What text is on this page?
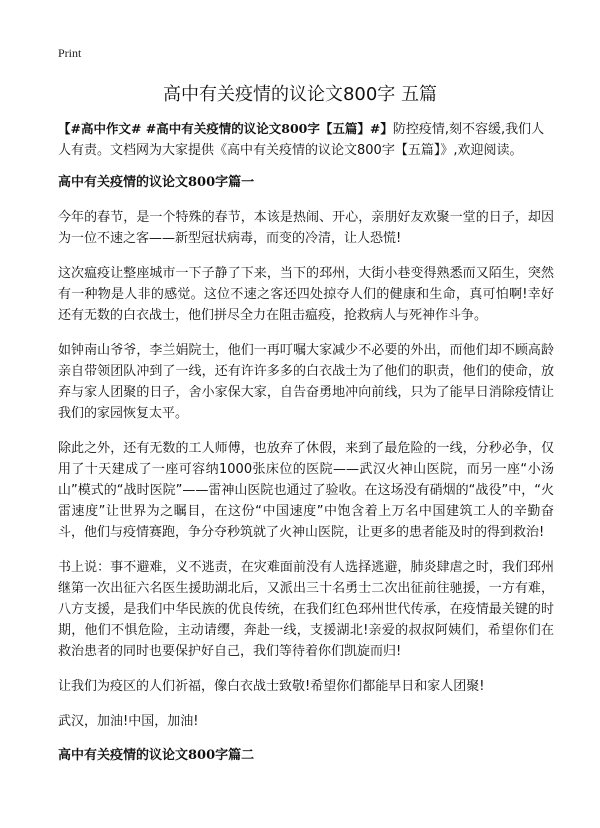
Print
高中有关疫情的议论文800字 五篇

【#高中作文# #高中有关疫情的议论文800字【五篇】#】防控疫情,刻不容缓,我们人人有责。文档网为大家提供《高中有关疫情的议论文800字【五篇】》,欢迎阅读。

高中有关疫情的议论文800字篇一

今年的春节，是一个特殊的春节，本该是热闹、开心，亲朋好友欢聚一堂的日子，却因为一位不速之客——新型冠状病毒，而变的冷清，让人恐慌!

这次瘟疫让整座城市一下子静了下来，当下的邳州，大街小巷变得熟悉而又陌生，突然有一种物是人非的感觉。这位不速之客还四处掠夺人们的健康和生命，真可怕啊!幸好还有无数的白衣战士，他们拼尽全力在阻击瘟疫，抢救病人与死神作斗争。

如钟南山爷爷，李兰娟院士，他们一再叮嘱大家减少不必要的外出，而他们却不顾高龄亲自带领团队冲到了一线，还有许许多多的白衣战士为了他们的职责，他们的使命，放弃与家人团聚的日子，舍小家保大家，自告奋勇地冲向前线，只为了能早日消除疫情让我们的家园恢复太平。

除此之外，还有无数的工人师傅，也放弃了休假，来到了最危险的一线，分秒必争，仅用了十天建成了一座可容纳1000张床位的医院——武汉火神山医院，而另一座“小汤山”模式的“战时医院”——雷神山医院也通过了验收。在这场没有硝烟的“战役”中，“火雷速度”让世界为之瞩目，在这份“中国速度”中饱含着上万名中国建筑工人的辛勤奋斗，他们与疫情赛跑，争分夺秒筑就了火神山医院，让更多的患者能及时的得到救治!

书上说：事不避难，义不逃责，在灾难面前没有人选择逃避，肺炎肆虐之时，我们邳州继第一次出征六名医生援助湖北后，又派出三十名勇士二次出征前往驰援，一方有难，八方支援，是我们中华民族的优良传统，在我们红色邳州世代传承，在疫情最关键的时期，他们不惧危险，主动请缨，奔赴一线，支援湖北!亲爱的叔叔阿姨们，希望你们在救治患者的同时也要保护好自己，我们等待着你们凯旋而归!

让我们为疫区的人们祈福，像白衣战士致敬!希望你们都能早日和家人团聚!

武汉，加油!中国，加油!

高中有关疫情的议论文800字篇二
